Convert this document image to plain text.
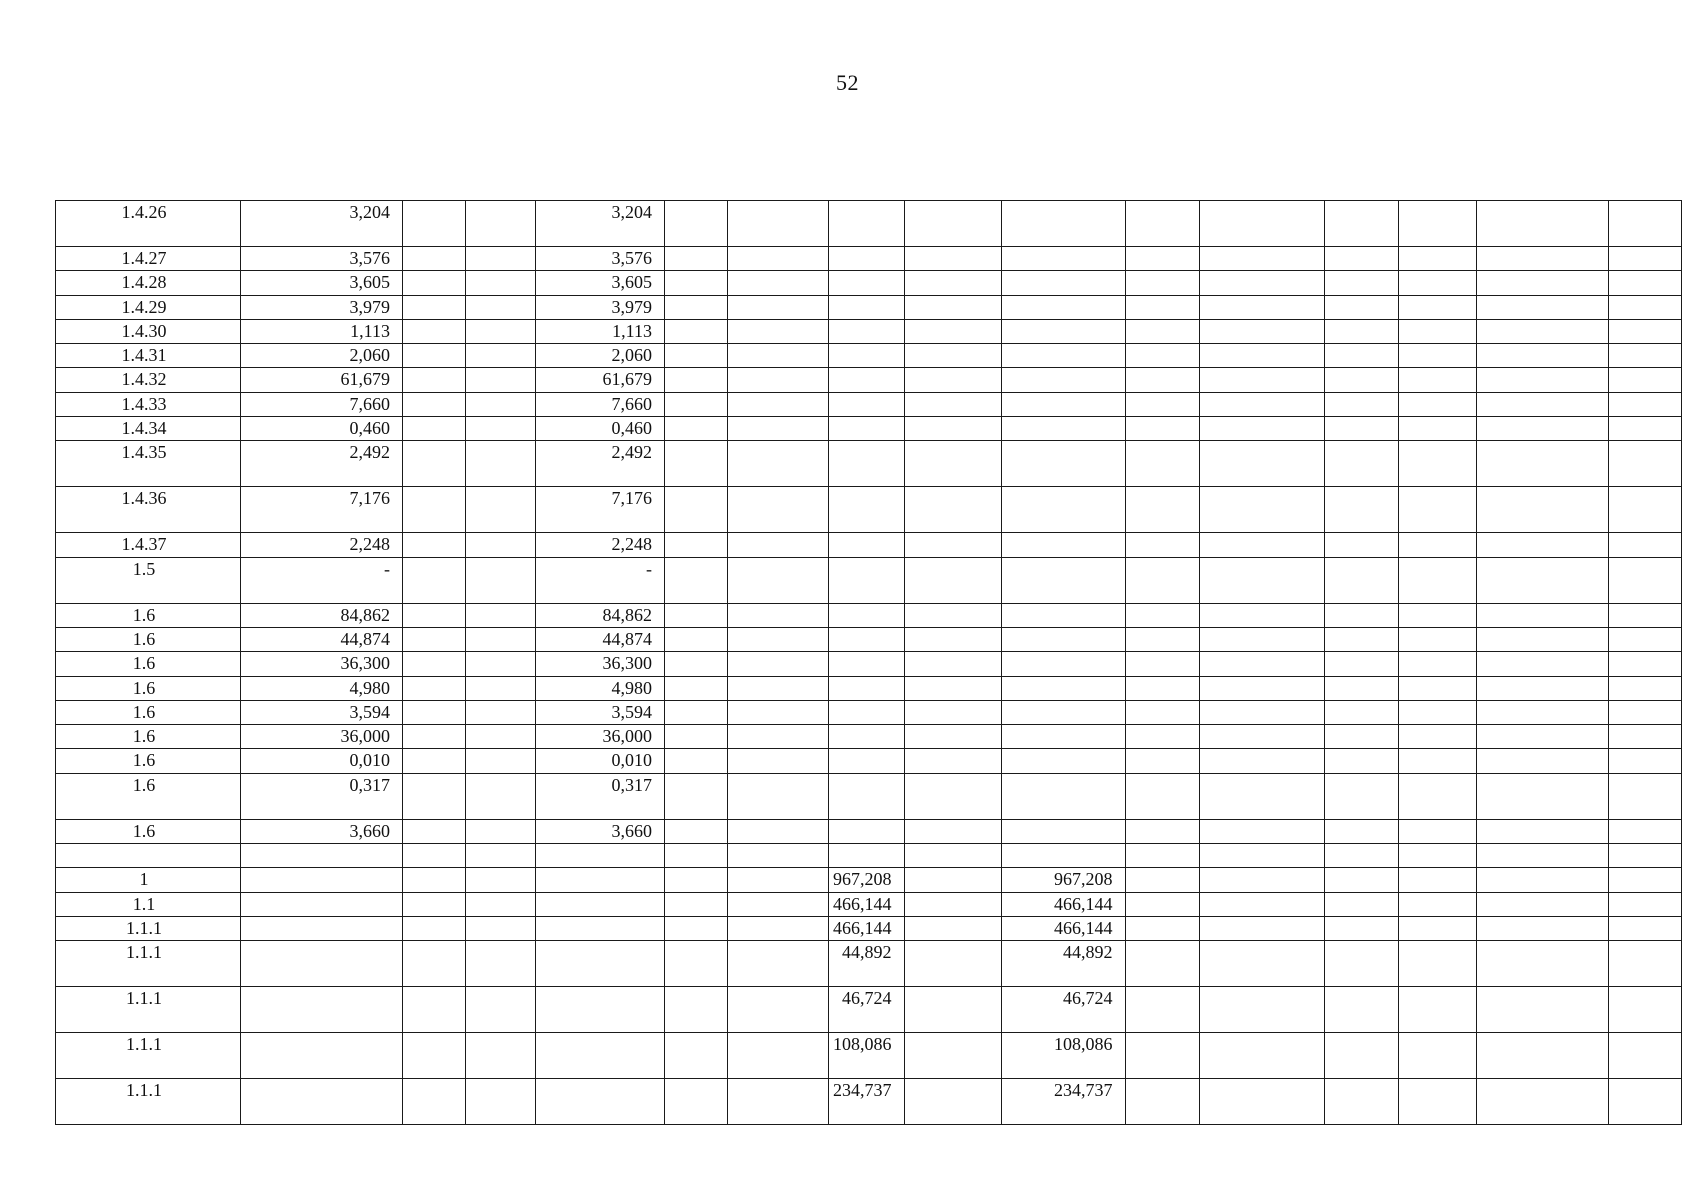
52
1.4.26	3,204			3,204											
1.4.27	3,576			3,576											
1.4.28	3,605			3,605											
1.4.29	3,979			3,979											
1.4.30	1,113			1,113											
1.4.31	2,060			2,060											
1.4.32	61,679			61,679											
1.4.33	7,660			7,660											
1.4.34	0,460			0,460											
1.4.35	2,492			2,492											
1.4.36	7,176			7,176											
1.4.37	2,248			2,248											
1.5	-			-											
1.6	84,862			84,862											
1.6	44,874			44,874											
1.6	36,300			36,300											
1.6	4,980			4,980											
1.6	3,594			3,594											
1.6	36,000			36,000											
1.6	0,010			0,010											
1.6	0,317			0,317											
1.6	3,660			3,660											

1							967,208		967,208						
1.1							466,144		466,144						
1.1.1							466,144		466,144						
1.1.1							44,892		44,892						
1.1.1							46,724		46,724						
1.1.1							108,086		108,086						
1.1.1							234,737		234,737						
